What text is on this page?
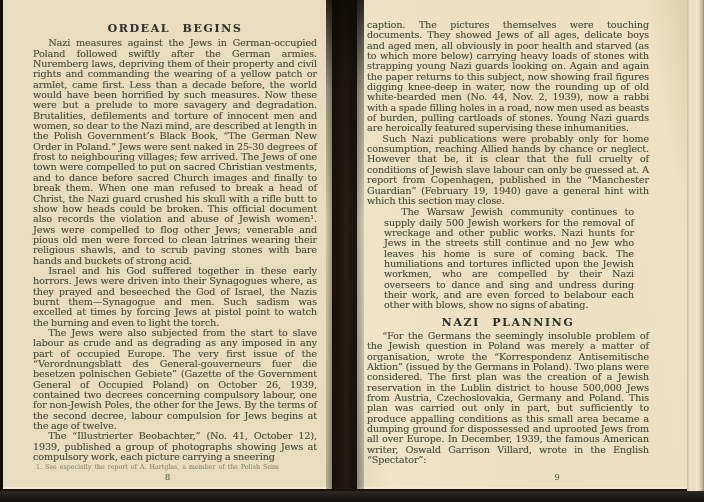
ORDEAL BEGINS

Nazi measures against the Jews in German-occupied Poland followed swiftly after the German armies. Nuremberg laws, depriving them of their property and civil rights and commanding the wearing of a yellow patch or armlet, came first. Less than a decade before, the world would have been horrified by such measures. Now these were but a prelude to more savagery and degradation. Brutalities, defilements and torture of innocent men and women, so dear to the Nazi mind, are described at length in the Polish Government’s Black Book, “The German New Order in Poland.” Jews were sent naked in 25-30 degrees of frost to neighbouring villages; few arrived. The Jews of one town were compelled to put on sacred Christian vestments, and to dance before sacred Church images and finally to break them. When one man refused to break a head of Christ, the Nazi guard crushed his skull with a rifle butt to show how heads could be broken. This official document also records the violation and abuse of Jewish women¹. Jews were compelled to flog other Jews; venerable and pious old men were forced to clean latrines wearing their religious shawls, and to scrub paving stones with bare hands and buckets of strong acid.

Israel and his God suffered together in these early horrors. Jews were driven into their Synagogues where, as they prayed and beseeched the God of Israel, the Nazis burnt them—Synagogue and men. Such sadism was excelled at times by forcing Jews at pistol point to watch the burning and even to light the torch.

The Jews were also subjected from the start to slave labour as crude and as degrading as any imposed in any part of occupied Europe. The very first issue of the “Verordnungsblatt des General-gouverneurs fuer die besetzen polnischen Gebiete” (Gazette of the Government General of Occupied Poland) on October 26, 1939, contained two decrees concerning compulsory labour, one for non-Jewish Poles, the other for the Jews. By the terms of the second decree, labour compulsion for Jews begins at the age of twelve.

The “Illustrierter Beobachter,” (No. 41, October 12), 1939, published a group of photographs showing Jews at compulsory work, each picture carrying a sneering

1. See especially the report of A. Hartglas, a member of the Polish Seim
8

caption. The pictures themselves were touching documents. They showed Jews of all ages, delicate boys and aged men, all obviously in poor health and starved (as to which more below) carrying heavy loads of stones with strapping young Nazi guards looking on. Again and again the paper returns to this subject, now showing frail figures digging knee-deep in water, now the rounding up of old white-bearded men (No. 44, Nov. 2, 1939), now a rabbi with a spade filling holes in a road, now men used as beasts of burden, pulling cartloads of stones. Young Nazi guards are heroically featured supervising these inhumanities.

Such Nazi publications were probably only for home consumption, reaching Allied hands by chance or neglect. However that be, it is clear that the full cruelty of conditions of Jewish slave labour can only be guessed at. A report from Copenhagen, published in the “Manchester Guardian” (February 19, 1940) gave a general hint with which this section may close.

The Warsaw Jewish community continues to supply daily 500 Jewish workers for the removal of wreckage and other public works. Nazi hunts for Jews in the streets still continue and no Jew who leaves his home is sure of coming back. The humiliations and tortures inflicted upon the Jewish workmen, who are compelled by their Nazi overseers to dance and sing and undress during their work, and are even forced to belabour each other with blows, show no signs of abating.
NAZI PLANNING

“For the Germans the seemingly insoluble problem of the Jewish question in Poland was merely a matter of organisation, wrote the “Korrespondenz Antisemitische Aktion” (issued by the Germans in Poland). Two plans were considered. The first plan was the creation of a Jewish reservation in the Lublin district to house 500,000 Jews from Austria, Czechoslovakia, Germany and Poland. This plan was carried out only in part, but sufficiently to produce appalling conditions as this small area became a dumping ground for dispossessed and uprooted Jews from all over Europe. In December, 1939, the famous American writer, Oswald Garrison Villard, wrote in the English “Spectator”:

9
